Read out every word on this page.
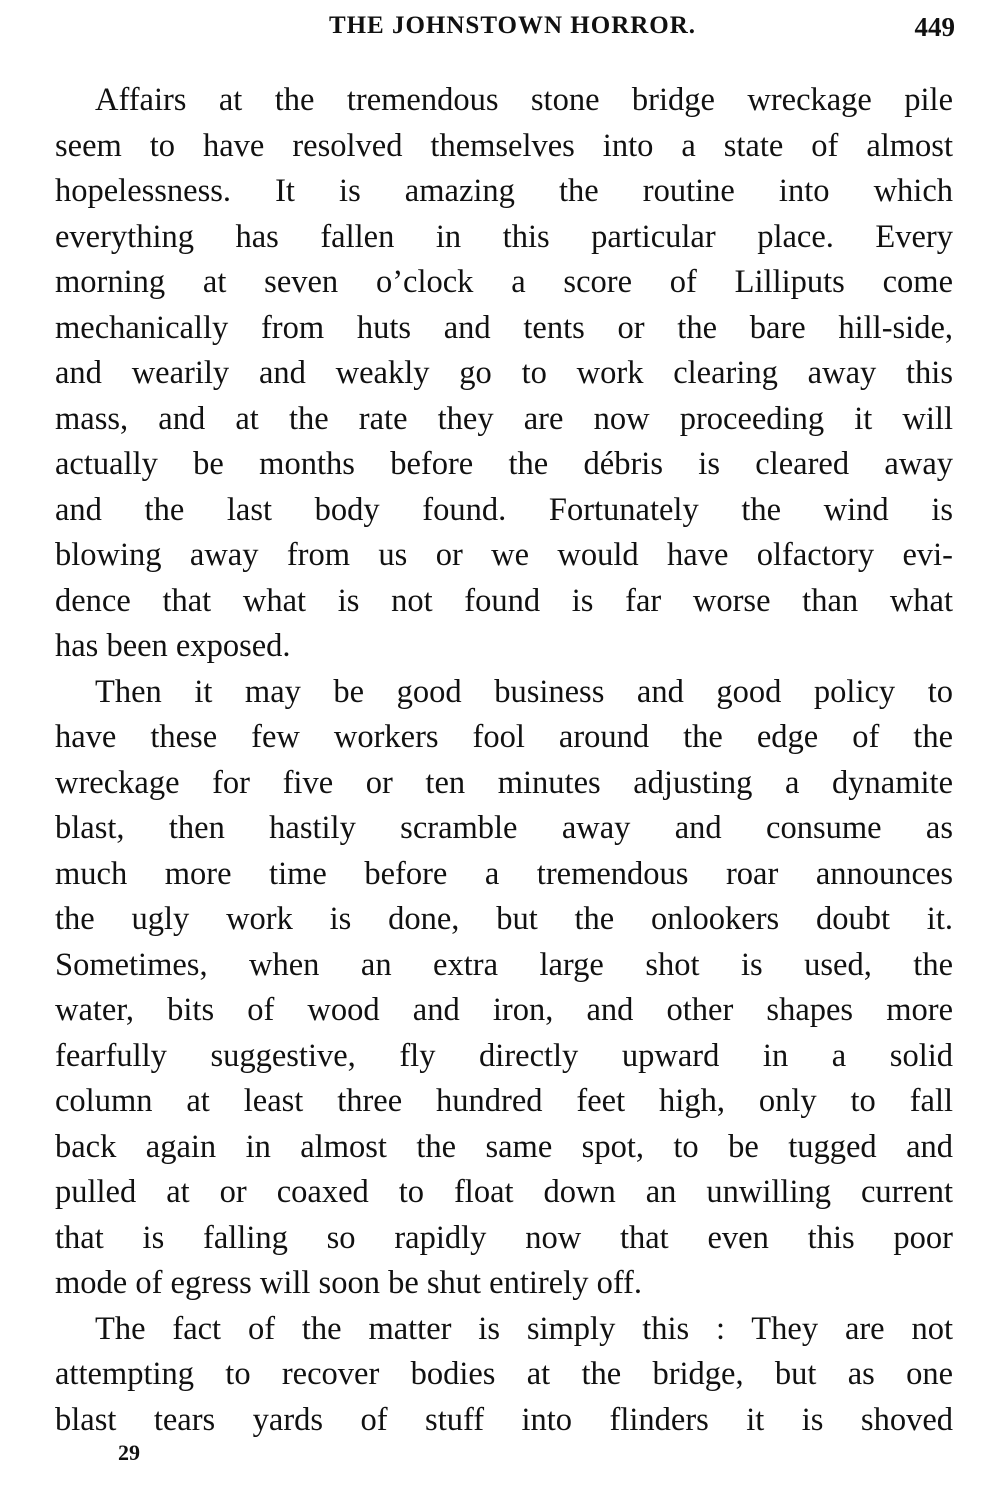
THE JOHNSTOWN HORROR.	449
Affairs at the tremendous stone bridge wreckage pile
seem to have resolved themselves into a state of almost
hopelessness. It is amazing the routine into which
everything has fallen in this particular place. Every
morning at seven o’clock a score of Lilliputs come
mechanically from huts and tents or the bare hill-side,
and wearily and weakly go to work clearing away this
mass, and at the rate they are now proceeding it will
actually be months before the débris is cleared away
and the last body found. Fortunately the wind is
blowing away from us or we would have olfactory evi-
dence that what is not found is far worse than what
has been exposed.
Then it may be good business and good policy to
have these few workers fool around the edge of the
wreckage for five or ten minutes adjusting a dynamite
blast, then hastily scramble away and consume as
much more time before a tremendous roar announces
the ugly work is done, but the onlookers doubt it.
Sometimes, when an extra large shot is used, the
water, bits of wood and iron, and other shapes more
fearfully suggestive, fly directly upward in a solid
column at least three hundred feet high, only to fall
back again in almost the same spot, to be tugged and
pulled at or coaxed to float down an unwilling current
that is falling so rapidly now that even this poor
mode of egress will soon be shut entirely off.
The fact of the matter is simply this : They are not
attempting to recover bodies at the bridge, but as one
blast tears yards of stuff into flinders it is shoved
29
